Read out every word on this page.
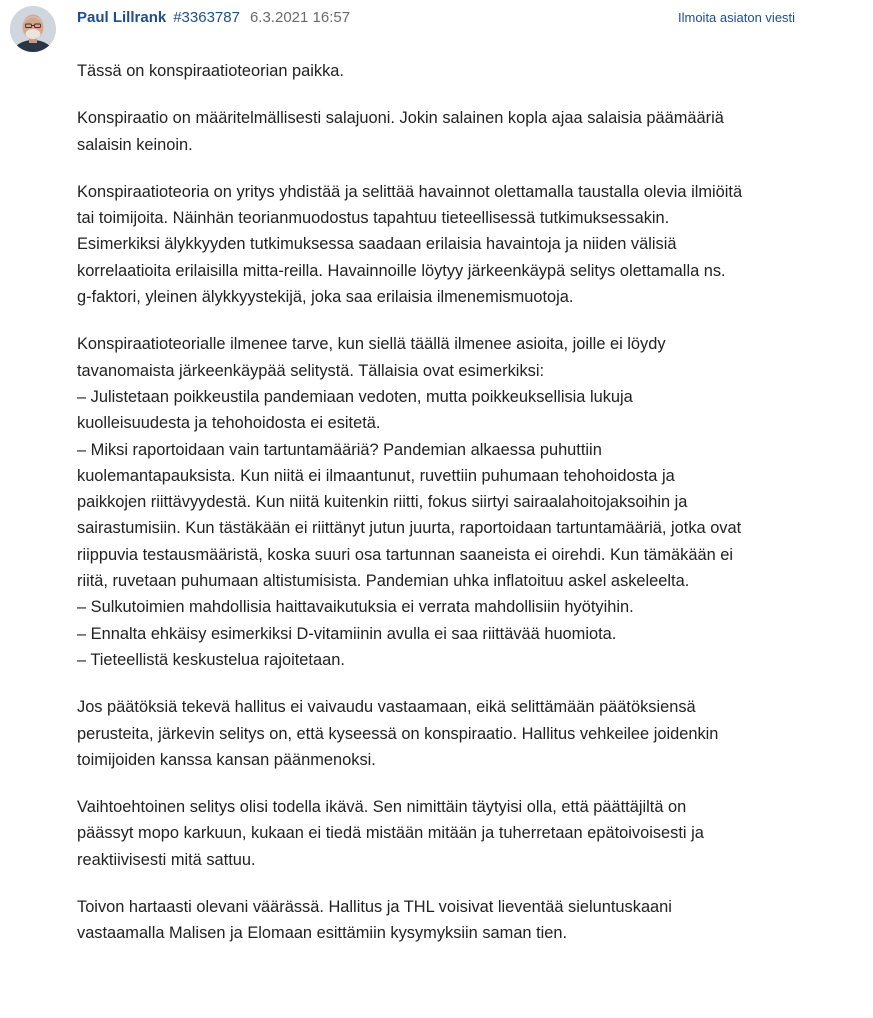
Paul Lillrank #3363787 6.3.2021 16:57	Ilmoita asiaton viesti

Tässä on konspiraatioteorian paikka.

Konspiraatio on määritelmällisesti salajuoni. Jokin salainen kopla ajaa salaisia päämääriä
salaisin keinoin.

Konspiraatioteoria on yritys yhdistää ja selittää havainnot olettamalla taustalla olevia ilmiöitä
tai toimijoita. Näinhän teorianmuodostus tapahtuu tieteellisessä tutkimuksessakin.
Esimerkiksi älykkyyden tutkimuksessa saadaan erilaisia havaintoja ja niiden välisiä
korrelaatioita erilaisilla mitta-reilla. Havainnoille löytyy järkeenkäypä selitys olettamalla ns.
g-faktori, yleinen älykkyystekijä, joka saa erilaisia ilmenemismuotoja.

Konspiraatioteorialle ilmenee tarve, kun siellä täällä ilmenee asioita, joille ei löydy
tavanomaista järkeenkäypää selitystä. Tällaisia ovat esimerkiksi:
– Julistetaan poikkeustila pandemiaan vedoten, mutta poikkeuksellisia lukuja
kuolleisuudesta ja tehohoidosta ei esitetä.
– Miksi raportoidaan vain tartuntamääriä? Pandemian alkaessa puhuttiin
kuolemantapauksista. Kun niitä ei ilmaantunut, ruvettiin puhumaan tehohoidosta ja
paikkojen riittävyydestä. Kun niitä kuitenkin riitti, fokus siirtyi sairaalahoitojaksoihin ja
sairastumisiin. Kun tästäkään ei riittänyt jutun juurta, raportoidaan tartuntamääriä, jotka ovat
riippuvia testausmääristä, koska suuri osa tartunnan saaneista ei oirehdi. Kun tämäkään ei
riitä, ruvetaan puhumaan altistumisista. Pandemian uhka inflatoituu askel askeleelta.
– Sulkutoimien mahdollisia haittavaikutuksia ei verrata mahdollisiin hyötyihin.
– Ennalta ehkäisy esimerkiksi D-vitamiinin avulla ei saa riittävää huomiota.
– Tieteellistä keskustelua rajoitetaan.

Jos päätöksiä tekevä hallitus ei vaivaudu vastaamaan, eikä selittämään päätöksiensä
perusteita, järkevin selitys on, että kyseessä on konspiraatio. Hallitus vehkeilee joidenkin
toimijoiden kanssa kansan päänmenoksi.

Vaihtoehtoinen selitys olisi todella ikävä. Sen nimittäin täytyisi olla, että päättäjiltä on
päässyt mopo karkuun, kukaan ei tiedä mistään mitään ja tuherretaan epätoivoisesti ja
reaktiivisesti mitä sattuu.

Toivon hartaasti olevani väärässä. Hallitus ja THL voisivat lieventää sieluntuskaani
vastaamalla Malisen ja Elomaan esittämiin kysymyksiin saman tien.
